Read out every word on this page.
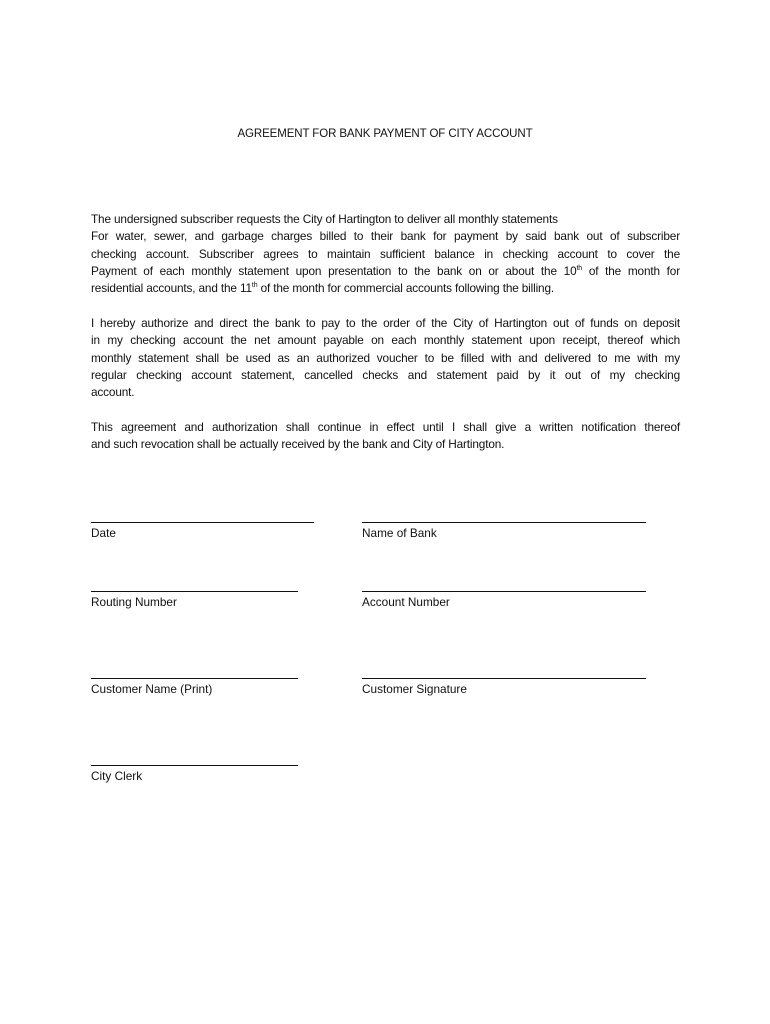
AGREEMENT FOR BANK PAYMENT OF CITY ACCOUNT
The undersigned subscriber requests the City of Hartington to deliver all monthly statements
For water, sewer, and garbage charges billed to their bank for payment by said bank out of subscriber
checking account. Subscriber agrees to maintain sufficient balance in checking account to cover the
Payment of each monthly statement upon presentation to the bank on or about the 10th of the month for
residential accounts, and the 11th of the month for commercial accounts following the billing.
I hereby authorize and direct the bank to pay to the order of the City of Hartington out of funds on deposit
in my checking account the net amount payable on each monthly statement upon receipt, thereof which
monthly statement shall be used as an authorized voucher to be filled with and delivered to me with my
regular checking account statement, cancelled checks and statement paid by it out of my checking
account.
This agreement and authorization shall continue in effect until I shall give a written notification thereof
and such revocation shall be actually received by the bank and City of Hartington.
Date	Name of Bank
Routing Number	Account Number
Customer Name (Print)	Customer Signature
City Clerk
